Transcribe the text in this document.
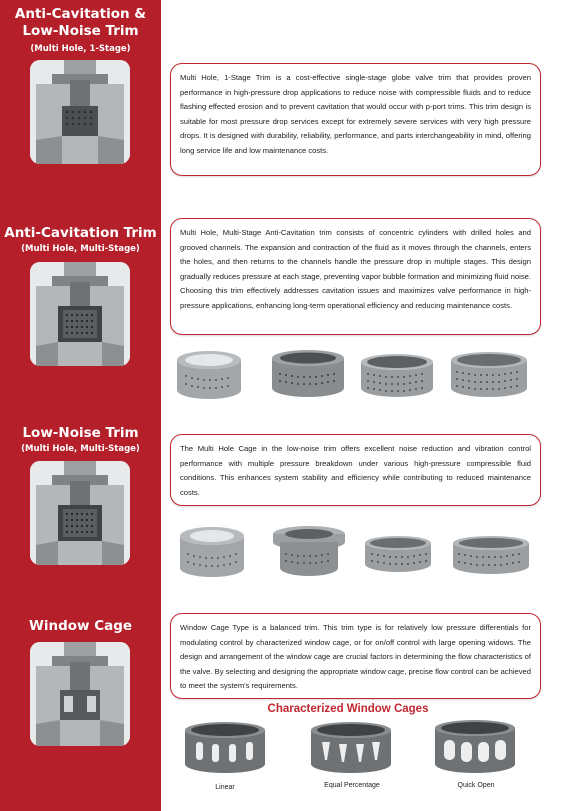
Anti-Cavitation &
Low-Noise Trim
(Multi Hole, 1-Stage)
Multi Hole, 1-Stage Trim is a cost-effective single-stage globe valve trim that provides proven performance in high-pressure drop applications to reduce noise with compressible fluids and to reduce flashing effected erosion and to prevent cavitation that would occur with p-port trims. This trim design is suitable for most pressure drop services except for extremely severe services with very high pressure drops. It is designed with durability, reliability, performance, and parts interchangeability in mind, offering long service life and low maintenance costs.
Anti-Cavitation Trim
(Multi Hole, Multi-Stage)
Multi Hole, Multi-Stage Anti-Cavitation trim consists of concentric cylinders with drilled holes and grooved channels. The expansion and contraction of the fluid as it moves through the channels, enters the holes, and then returns to the channels handle the pressure drop in multiple stages. This design gradually reduces pressure at each stage, preventing vapor bubble formation and minimizing fluid noise. Choosing this trim effectively addresses cavitation issues and maximizes valve performance in high-pressure applications, enhancing long-term operational efficiency and reducing maintenance costs.
Low-Noise Trim
(Multi Hole, Multi-Stage)	The Multi Hole Cage in the low-noise trim offers excellent noise reduction and vibration control performance with multiple pressure breakdown under various high-pressure compressible fluid conditions. This enhances system stability and efficiency while contributing to reduced maintenance costs.
Window Cage	Window Cage Type is a balanced trim. This trim type is for relatively low pressure differentials for modulating control by characterized window cage, or for on/off control with large opening widows. The design and arrangement of the window cage are crucial factors in determining the flow characteristics of the valve. By selecting and designing the appropriate window cage, precise flow control can be achieved to meet the system's requirements.
Characterized Window Cages
Linear	Equal Percentage	Quick Open
